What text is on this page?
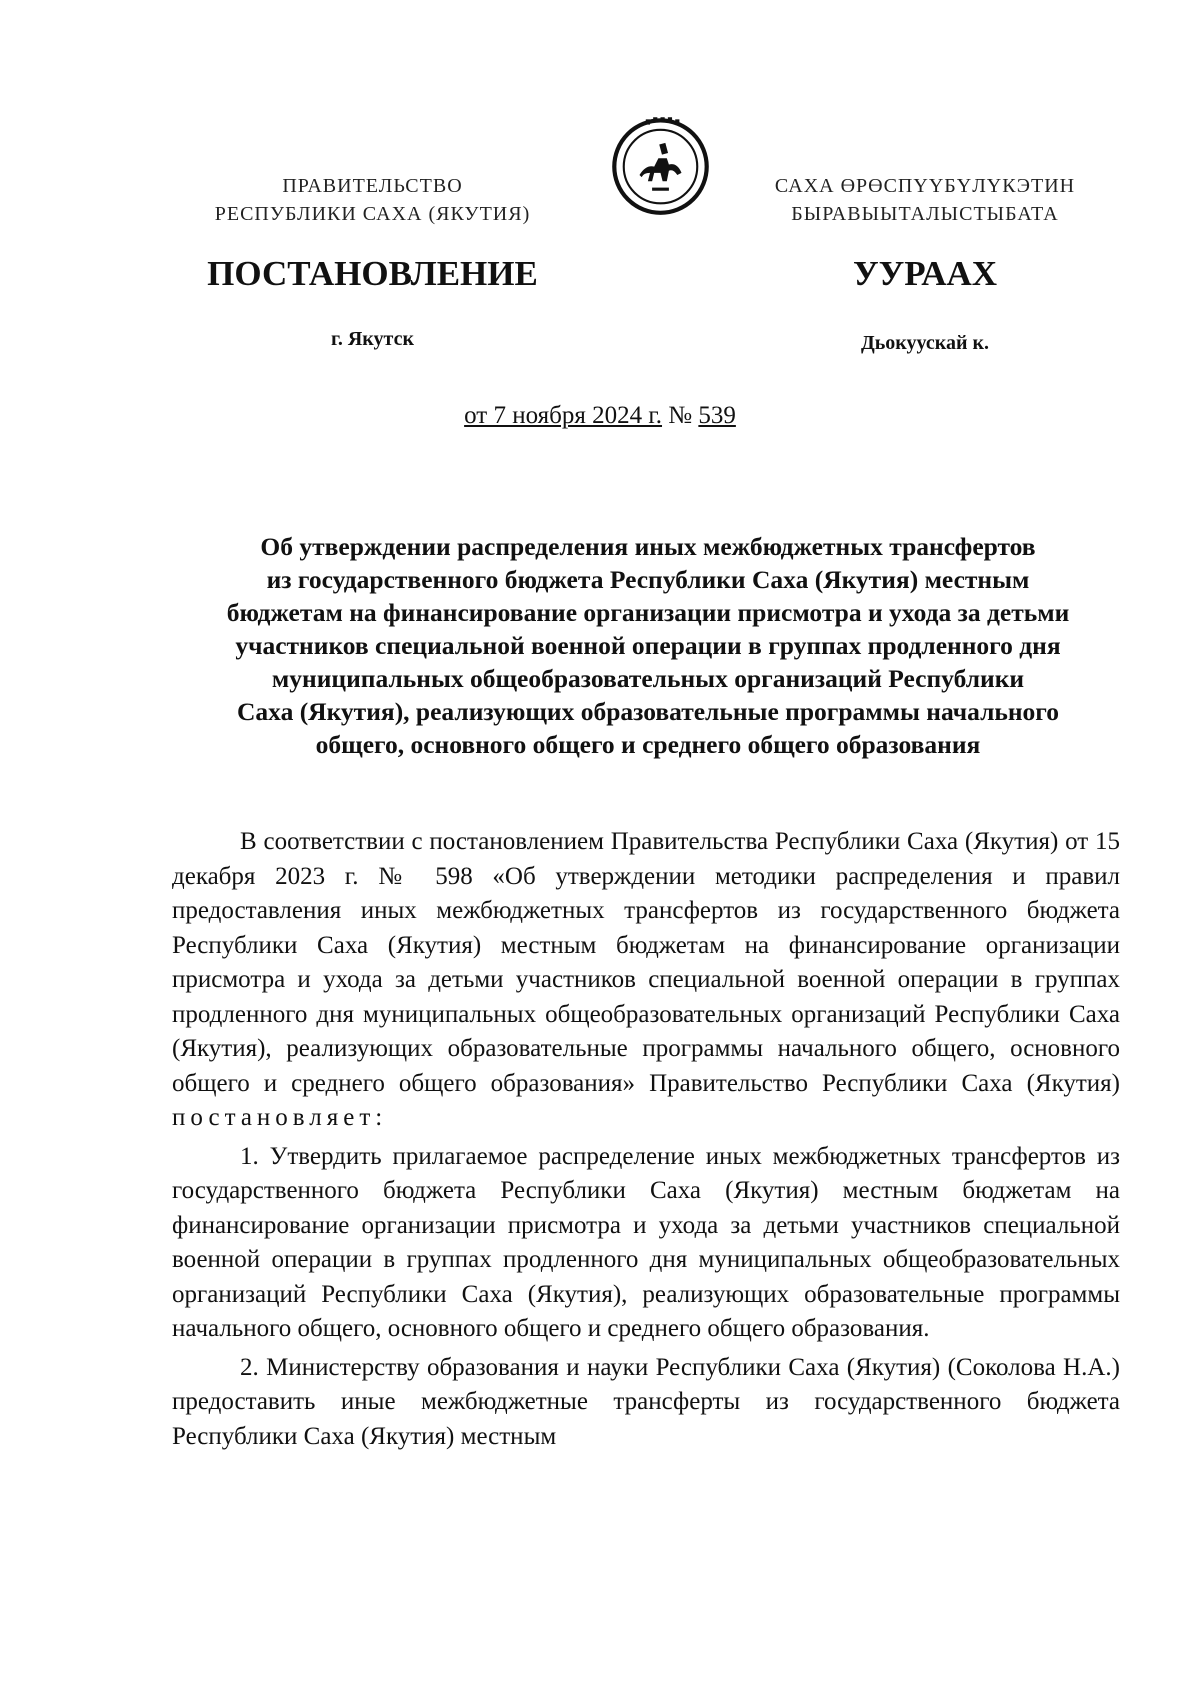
ПРАВИТЕЛЬСТВО
РЕСПУБЛИКИ САХА (ЯКУТИЯ)
САХА ӨРӨСПҮҮБҮЛҮКЭТИН
БЫРАВЫЫТАЛЫСТЫБАТА
ПОСТАНОВЛЕНИЕ	УУРААХ
г. Якутск	Дьокуускай к.
от 7 ноября 2024 г. № 539
Об утверждении распределения иных межбюджетных трансфертов
из государственного бюджета Республики Саха (Якутия) местным
бюджетам на финансирование организации присмотра и ухода за детьми
участников специальной военной операции в группах продленного дня
муниципальных общеобразовательных организаций Республики
Саха (Якутия), реализующих образовательные программы начального
общего, основного общего и среднего общего образования

В соответствии с постановлением Правительства Республики Саха (Якутия) от 15 декабря 2023 г. № 598 «Об утверждении методики распределения и правил предоставления иных межбюджетных трансфертов из государственного бюджета Республики Саха (Якутия) местным бюджетам на финансирование организации присмотра и ухода за детьми участников специальной военной операции в группах продленного дня муниципальных общеобразовательных организаций Республики Саха (Якутия), реализующих образовательные программы начального общего, основного общего и среднего общего образования» Правительство Республики Саха (Якутия) постановляет:

1. Утвердить прилагаемое распределение иных межбюджетных трансфертов из государственного бюджета Республики Саха (Якутия) местным бюджетам на финансирование организации присмотра и ухода за детьми участников специальной военной операции в группах продленного дня муниципальных общеобразовательных организаций Республики Саха (Якутия), реализующих образовательные программы начального общего, основного общего и среднего общего образования.

2. Министерству образования и науки Республики Саха (Якутия) (Соколова Н.А.) предоставить иные межбюджетные трансферты из государственного бюджета Республики Саха (Якутия) местным
